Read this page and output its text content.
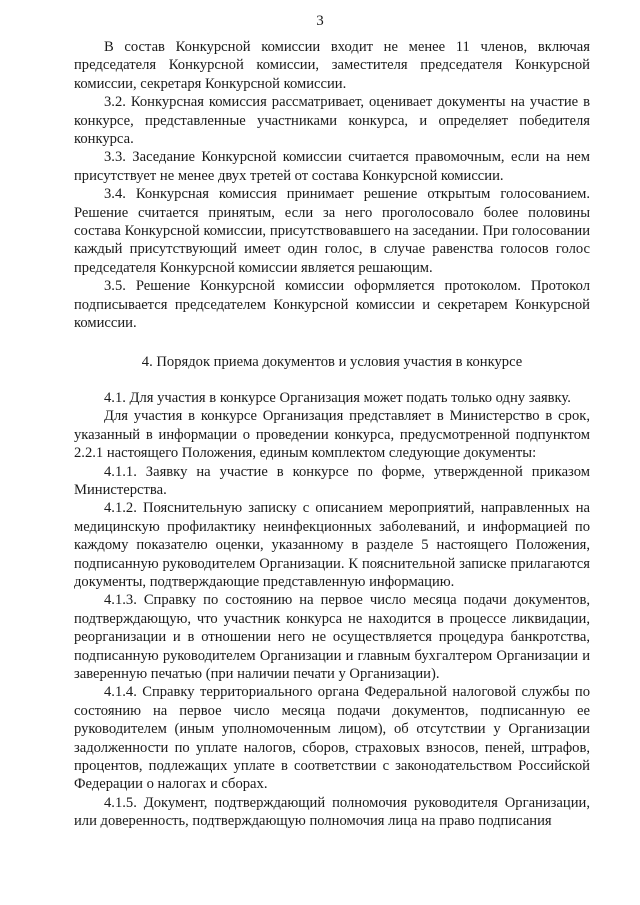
3

В состав Конкурсной комиссии входит не менее 11 членов, включая председателя Конкурсной комиссии, заместителя председателя Конкурсной комиссии, секретаря Конкурсной комиссии.

3.2. Конкурсная комиссия рассматривает, оценивает документы на участие в конкурсе, представленные участниками конкурса, и определяет победителя конкурса.

3.3. Заседание Конкурсной комиссии считается правомочным, если на нем присутствует не менее двух третей от состава Конкурсной комиссии.

3.4. Конкурсная комиссия принимает решение открытым голосованием. Решение считается принятым, если за него проголосовало более половины состава Конкурсной комиссии, присутствовавшего на заседании. При голосовании каждый присутствующий имеет один голос, в случае равенства голосов голос председателя Конкурсной комиссии является решающим.

3.5. Решение Конкурсной комиссии оформляется протоколом. Протокол подписывается председателем Конкурсной комиссии и секретарем Конкурсной комиссии.

4. Порядок приема документов и условия участия в конкурсе

4.1. Для участия в конкурсе Организация может подать только одну заявку.

Для участия в конкурсе Организация представляет в Министерство в срок, указанный в информации о проведении конкурса, предусмотренной подпунктом 2.2.1 настоящего Положения, единым комплектом следующие документы:

4.1.1. Заявку на участие в конкурсе по форме, утвержденной приказом Министерства.

4.1.2. Пояснительную записку с описанием мероприятий, направленных на медицинскую профилактику неинфекционных заболеваний, и информацией по каждому показателю оценки, указанному в разделе 5 настоящего Положения, подписанную руководителем Организации. К пояснительной записке прилагаются документы, подтверждающие представленную информацию.

4.1.3. Справку по состоянию на первое число месяца подачи документов, подтверждающую, что участник конкурса не находится в процессе ликвидации, реорганизации и в отношении него не осуществляется процедура банкротства, подписанную руководителем Организации и главным бухгалтером Организации и заверенную печатью (при наличии печати у Организации).

4.1.4. Справку территориального органа Федеральной налоговой службы по состоянию на первое число месяца подачи документов, подписанную ее руководителем (иным уполномоченным лицом), об отсутствии у Организации задолженности по уплате налогов, сборов, страховых взносов, пеней, штрафов, процентов, подлежащих уплате в соответствии с законодательством Российской Федерации о налогах и сборах.

4.1.5. Документ, подтверждающий полномочия руководителя Организации, или доверенность, подтверждающую полномочия лица на право подписания
